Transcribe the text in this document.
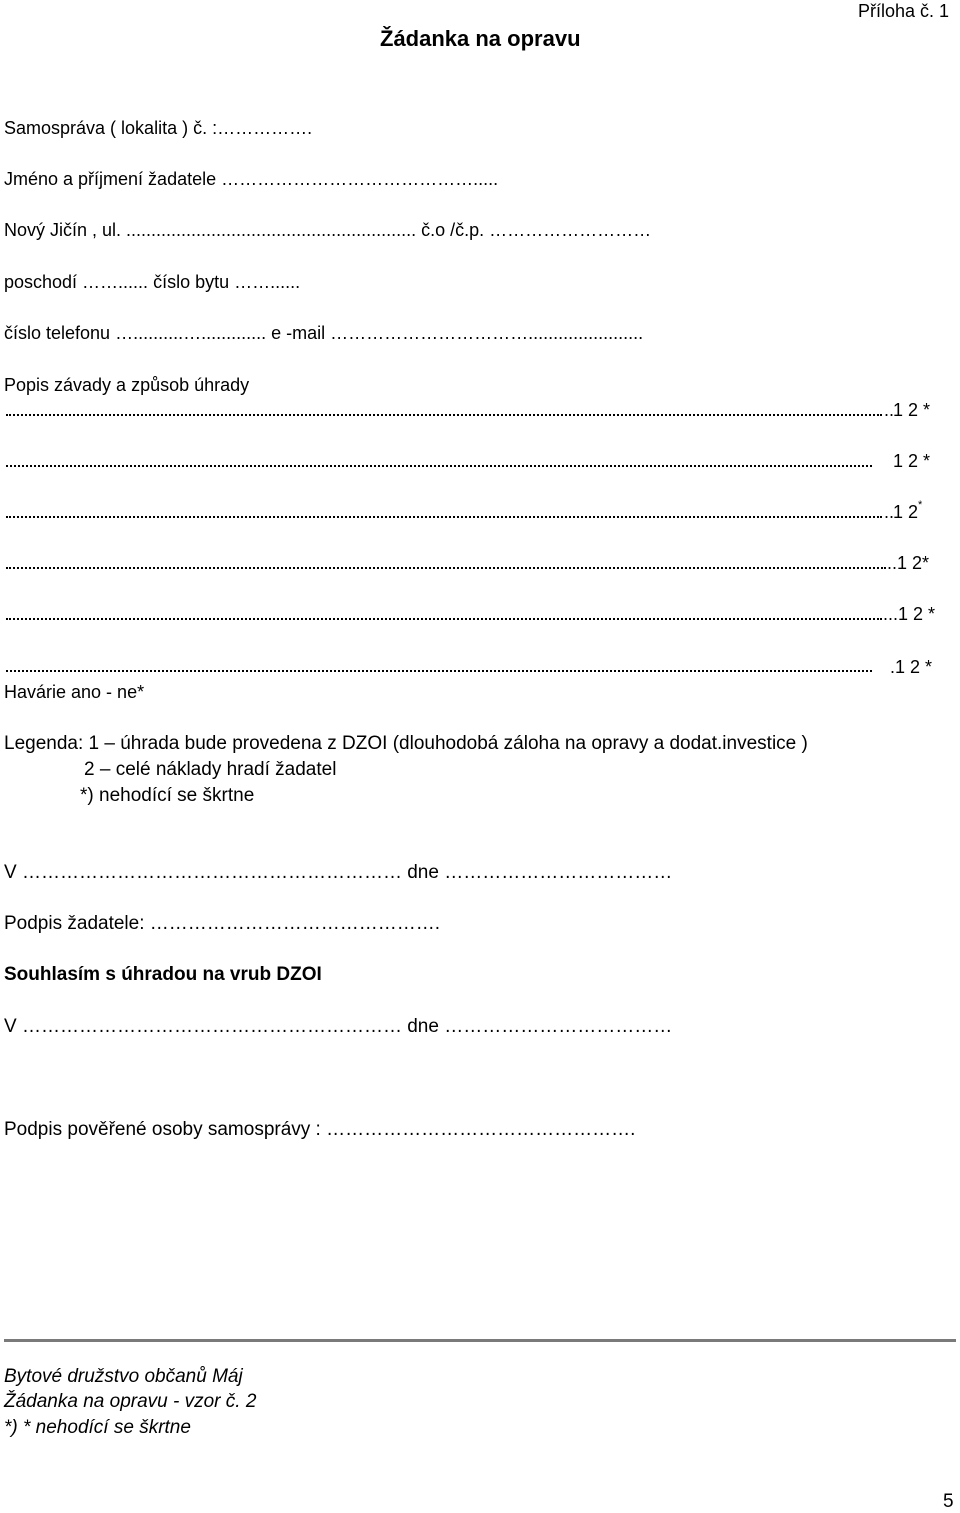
Příloha č. 1
Žádanka na opravu
Samospráva ( lokalita ) č. :…………….
Jméno a příjmení žadatele …………………………………….....
Nový Jičín , ul. .......................................................... č.o /č.p. ………………………
poschodí ……...... číslo bytu ……......
číslo telefonu …..........…............. e -mail …………………………….......................
Popis závady a způsob úhrady
..
1 2 *
1 2 *
..
1 2*
.. 1 2*
... 1 2 *
.1 2 *
Havárie ano - ne*
Legenda: 1 – úhrada bude provedena z DZOI (dlouhodobá záloha na opravy a dodat.investice )
2 – celé náklady hradí žadatel
*) nehodící se škrtne
V …………………………………………………… dne ………………………………
Podpis žadatele: ……………………………………….
Souhlasím s úhradou na vrub DZOI
V …………………………………………………… dne ………………………………
Podpis pověřené osoby samosprávy : ………………………………………….
Bytové družstvo občanů Máj
Žádanka na opravu - vzor č. 2
*) * nehodící se škrtne
5
